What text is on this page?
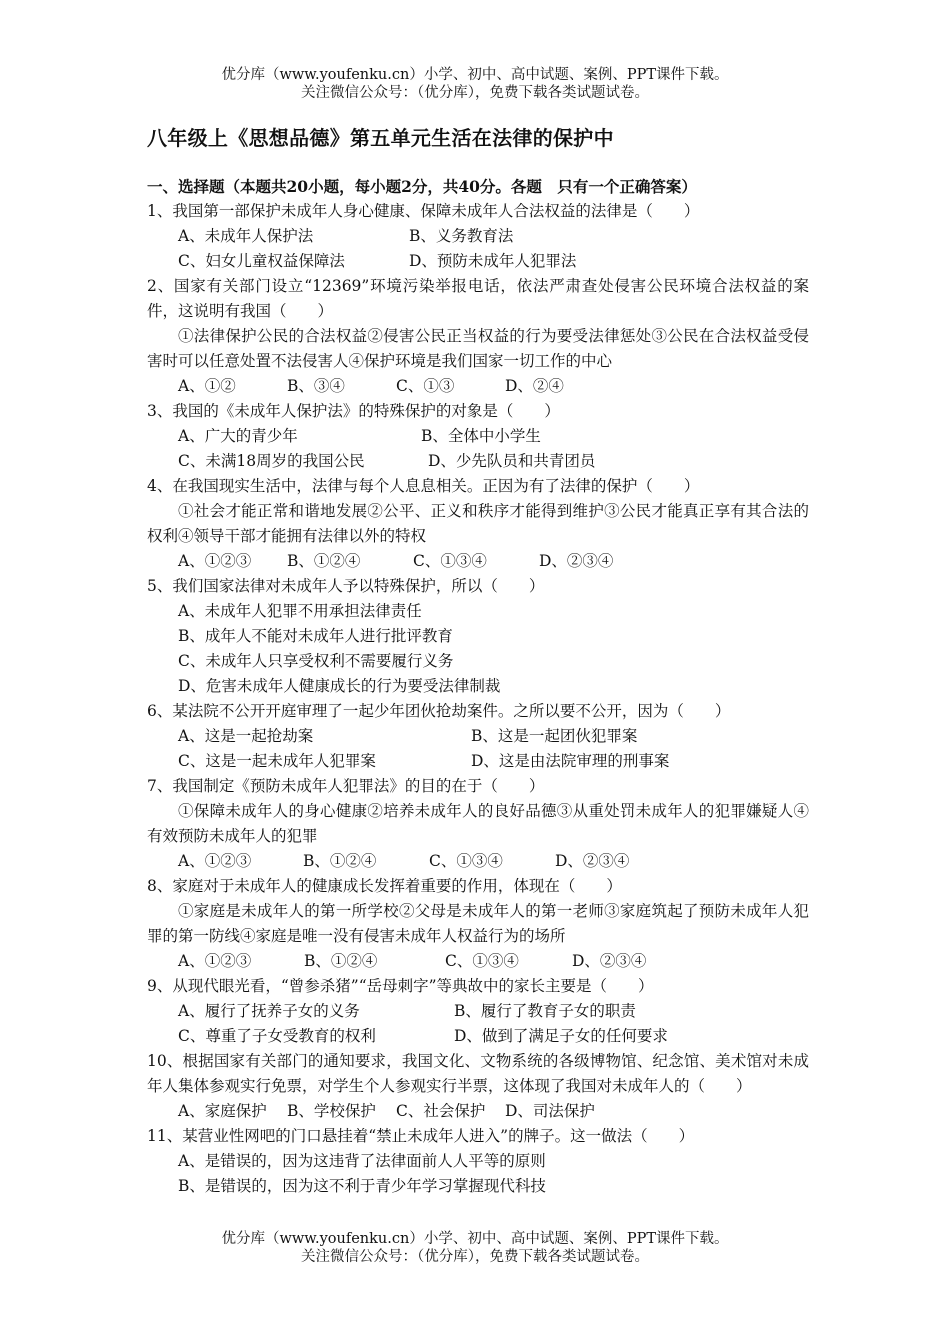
优分库（www.youfenku.cn）小学、初中、高中试题、案例、PPT课件下载。
关注微信公众号：（优分库），免费下载各类试题试卷。
八年级上《思想品德》第五单元生活在法律的保护中

一、选择题（本题共20小题，每小题2分，共40分。各题　只有一个正确答案）

1、我国第一部保护未成年人身心健康、保障未成年人合法权益的法律是（　　）

A、未成年人保护法	B、义务教育法

C、妇女儿童权益保障法	D、预防未成年人犯罪法

2、国家有关部门设立“12369”环境污染举报电话，依法严肃查处侵害公民环境合法权益的案件，这说明有我国（　　）

①法律保护公民的合法权益②侵害公民正当权益的行为要受法律惩处③公民在合法权益受侵害时可以任意处置不法侵害人④保护环境是我们国家一切工作的中心

A、①②	B、③④	C、①③	D、②④

3、我国的《未成年人保护法》的特殊保护的对象是（　　）

A、广大的青少年	B、全体中小学生

C、未满18周岁的我国公民	D、少先队员和共青团员

4、在我国现实生活中，法律与每个人息息相关。正因为有了法律的保护（　　）

①社会才能正常和谐地发展②公平、正义和秩序才能得到维护③公民才能真正享有其合法的权利④领导干部才能拥有法律以外的特权

A、①②③ B、①②④	C、①③④	D、②③④

5、我们国家法律对未成年人予以特殊保护，所以（　　）

A、未成年人犯罪不用承担法律责任

B、成年人不能对未成年人进行批评教育

C、未成年人只享受权利不需要履行义务

D、危害未成年人健康成长的行为要受法律制裁

6、某法院不公开开庭审理了一起少年团伙抢劫案件。之所以要不公开，因为（　　）

A、这是一起抢劫案	B、这是一起团伙犯罪案

C、这是一起未成年人犯罪案	D、这是由法院审理的刑事案

7、我国制定《预防未成年人犯罪法》的目的在于（　　）

①保障未成年人的身心健康②培养未成年人的良好品德③从重处罚未成年人的犯罪嫌疑人④有效预防未成年人的犯罪

A、①②③	B、①②④	C、①③④	D、②③④

8、家庭对于未成年人的健康成长发挥着重要的作用，体现在（　　）

①家庭是未成年人的第一所学校②父母是未成年人的第一老师③家庭筑起了预防未成年人犯罪的第一防线④家庭是唯一没有侵害未成年人权益行为的场所

A、①②③	B、①②④	C、①③④	D、②③④

9、从现代眼光看，“曾参杀猪”“岳母刺字”等典故中的家长主要是（　　）

A、履行了抚养子女的义务	B、履行了教育子女的职责

C、尊重了子女受教育的权利	D、做到了满足子女的任何要求

10、根据国家有关部门的通知要求，我国文化、文物系统的各级博物馆、纪念馆、美术馆对未成年人集体参观实行免票，对学生个人参观实行半票，这体现了我国对未成年人的（　　）

A、家庭保护 B、学校保护 C、社会保护 D、司法保护

11、某营业性网吧的门口悬挂着“禁止未成年人进入”的牌子。这一做法（　　）

A、是错误的，因为这违背了法律面前人人平等的原则

B、是错误的，因为这不利于青少年学习掌握现代科技

优分库（www.youfenku.cn）小学、初中、高中试题、案例、PPT课件下载。
关注微信公众号：（优分库），免费下载各类试题试卷。
